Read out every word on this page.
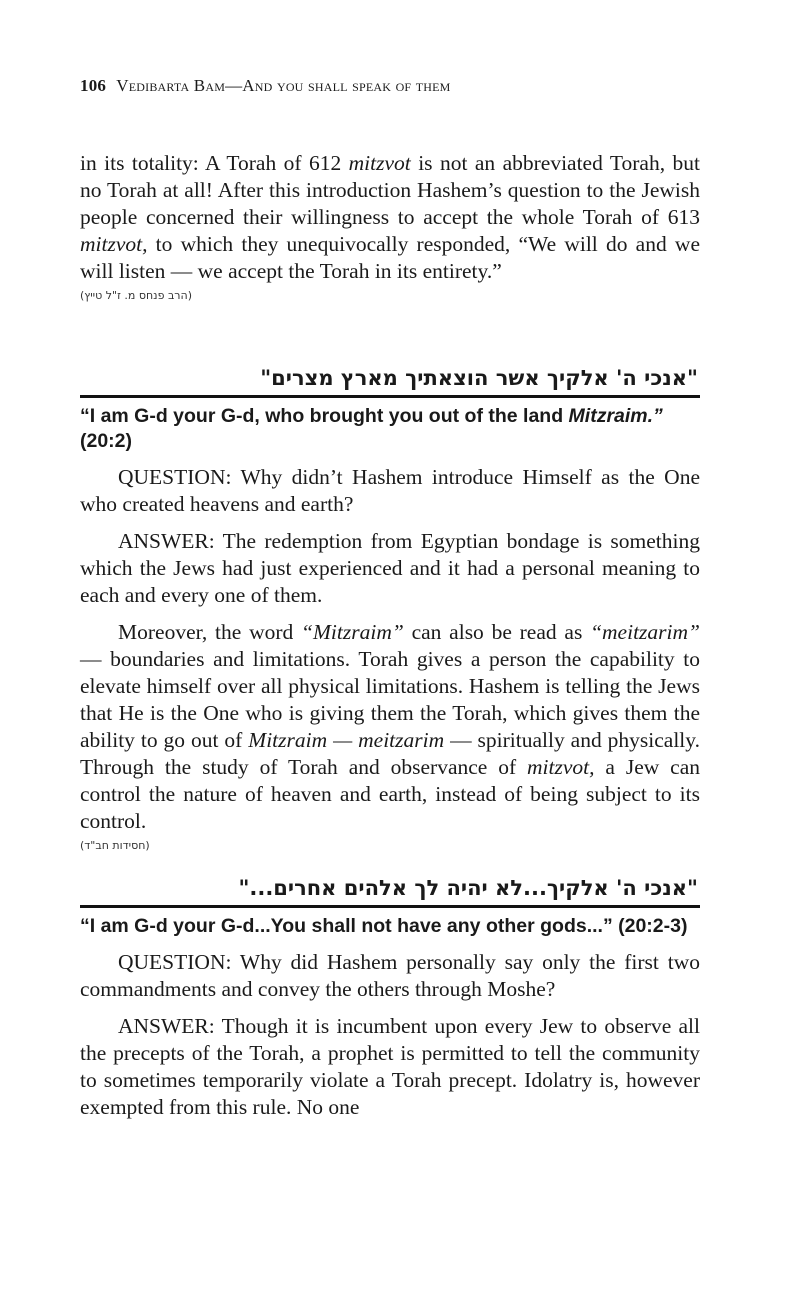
106 Vedibarta Bam—And you shall speak of them

in its totality: A Torah of 612 mitzvot is not an abbreviated Torah, but no Torah at all! After this introduction Hashem’s question to the Jewish people concerned their willingness to accept the whole Torah of 613 mitzvot, to which they unequivocally responded, “We will do and we will listen — we accept the Torah in its entirety.”

(הרב פנחס מ. ז"ל טייץ)

"אנכי ה' אלקיך אשר הוצאתיך מארץ מצרים"

“I am G-d your G-d, who brought you out of the land Mitzraim.” (20:2)

QUESTION: Why didn’t Hashem introduce Himself as the One who created heavens and earth?

ANSWER: The redemption from Egyptian bondage is something which the Jews had just experienced and it had a personal meaning to each and every one of them.

Moreover, the word “Mitzraim” can also be read as “meitzarim” — boundaries and limitations. Torah gives a person the capability to elevate himself over all physical limitations. Hashem is telling the Jews that He is the One who is giving them the Torah, which gives them the ability to go out of Mitzraim — meitzarim — spiritually and physically. Through the study of Torah and observance of mitzvot, a Jew can control the nature of heaven and earth, instead of being subject to its control.

(חסידות חב"ד)

"אנכי ה' אלקיך...לא יהיה לך אלהים אחרים..."

“I am G-d your G-d...You shall not have any other gods...” (20:2-3)

QUESTION: Why did Hashem personally say only the first two commandments and convey the others through Moshe?

ANSWER: Though it is incumbent upon every Jew to observe all the precepts of the Torah, a prophet is permitted to tell the community to sometimes temporarily violate a Torah precept. Idolatry is, however exempted from this rule. No one
